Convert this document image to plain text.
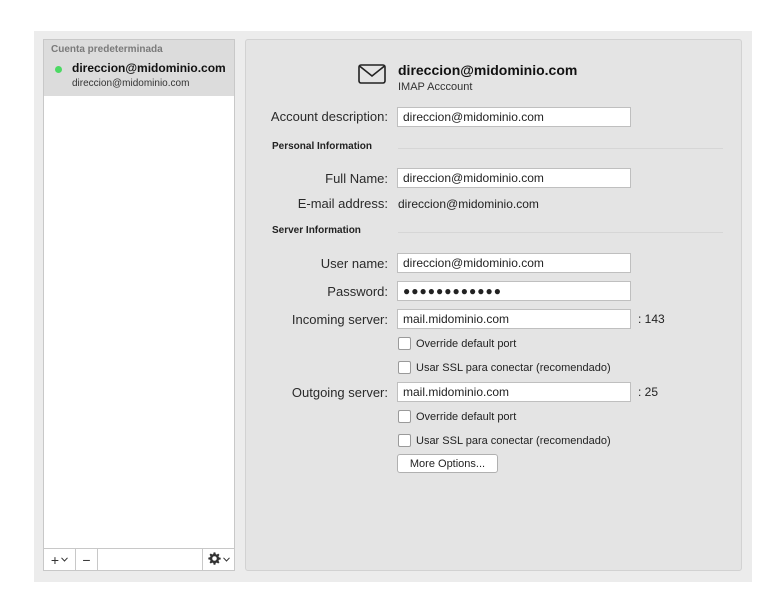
Cuenta predeterminada
direccion@midominio.com
direccion@midominio.com
+ −
direccion@midominio.com
IMAP Acccount
Account description:
direccion@midominio.com
Personal Information
Full Name:
direccion@midominio.com
E-mail address: direccion@midominio.com
Server Information
User name:
direccion@midominio.com
Password:	●●●●●●●●●●●●
Incoming server:
mail.midominio.com	: 143
Override default port
Usar SSL para conectar (recomendado)
Outgoing server:
mail.midominio.com	: 25
Override default port
Usar SSL para conectar (recomendado)
More Options...
